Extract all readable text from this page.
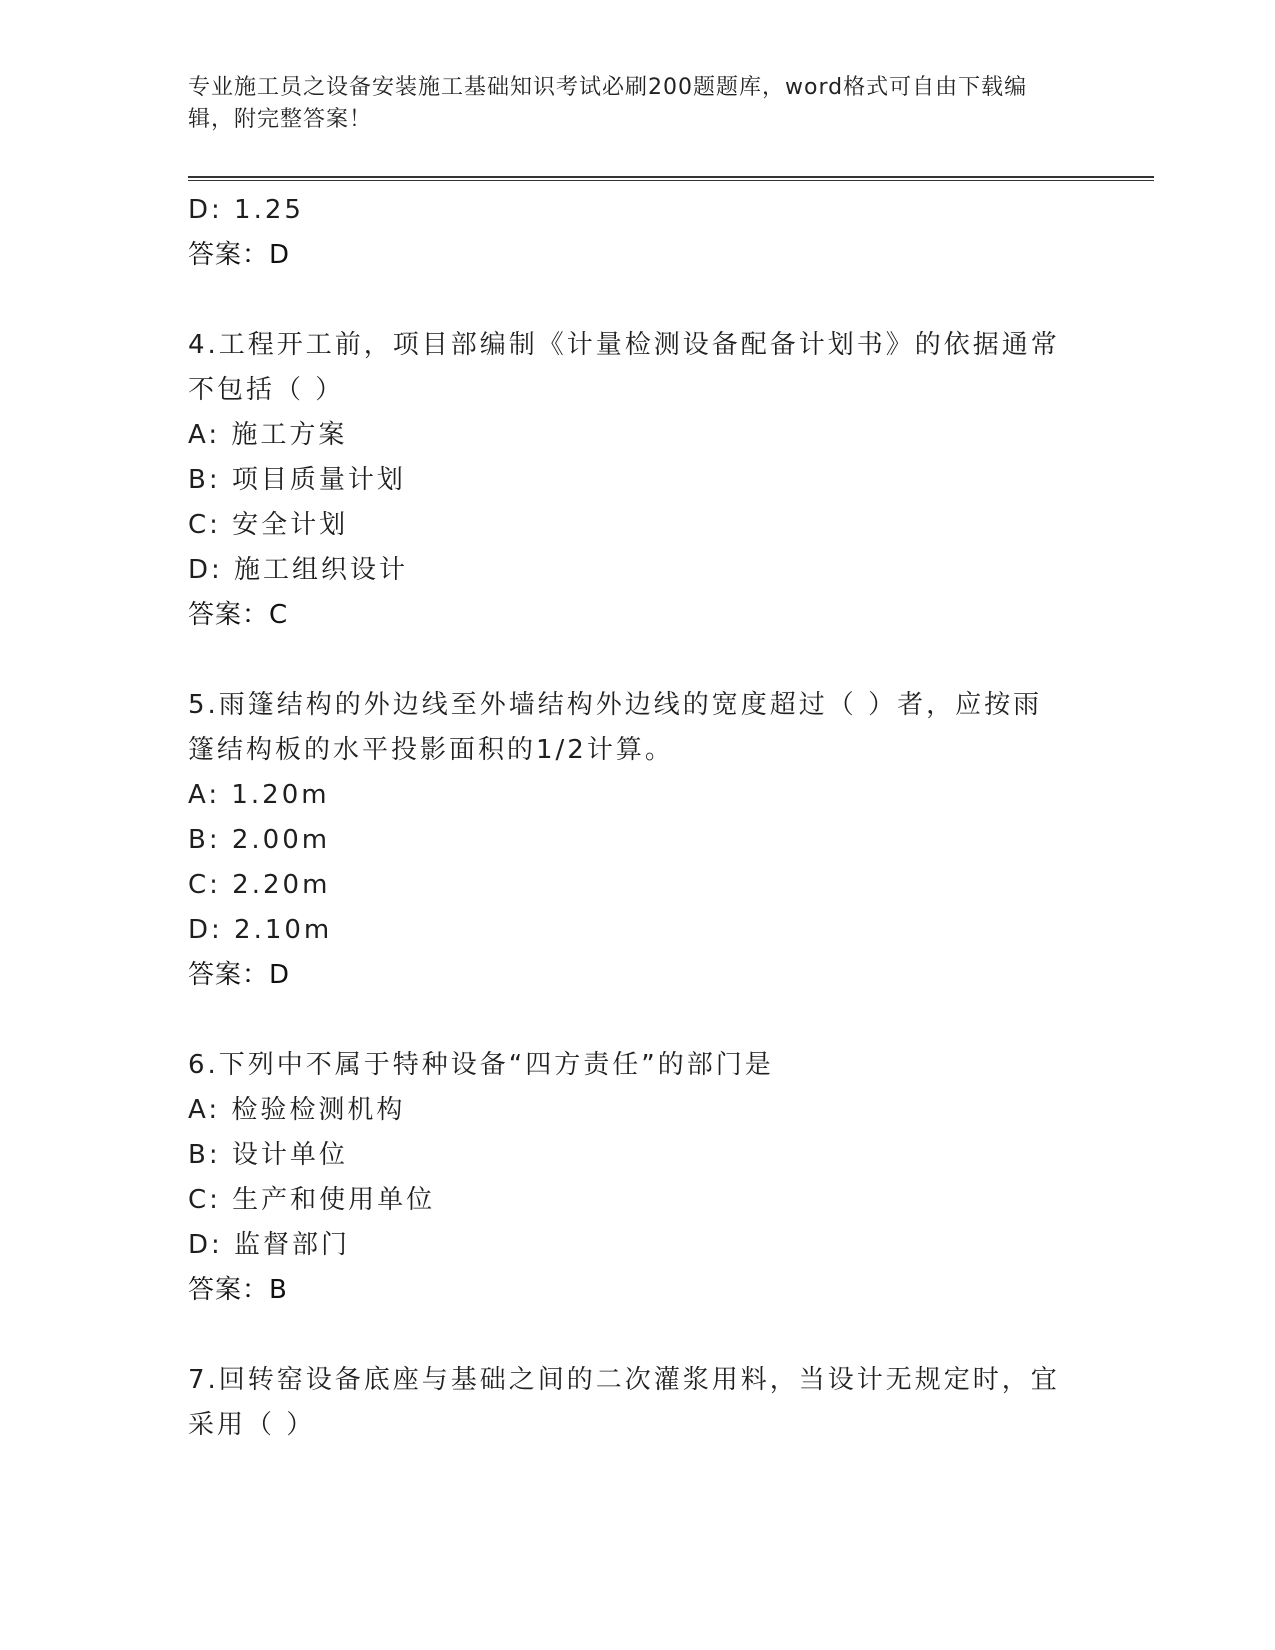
专业施工员之设备安装施工基础知识考试必刷200题题库，word格式可自由下载编辑，附完整答案！
D: 1.25
答案：D
4.工程开工前，项目部编制《计量检测设备配备计划书》的依据通常不包括（ ）
A: 施工方案
B: 项目质量计划
C: 安全计划
D: 施工组织设计
答案：C
5.雨篷结构的外边线至外墙结构外边线的宽度超过（ ）者，应按雨篷结构板的水平投影面积的1/2计算。
A: 1.20m
B: 2.00m
C: 2.20m
D: 2.10m
答案：D
6.下列中不属于特种设备“四方责任”的部门是
A: 检验检测机构
B: 设计单位
C: 生产和使用单位
D: 监督部门
答案：B
7.回转窑设备底座与基础之间的二次灌浆用料，当设计无规定时，宜采用（ ）
